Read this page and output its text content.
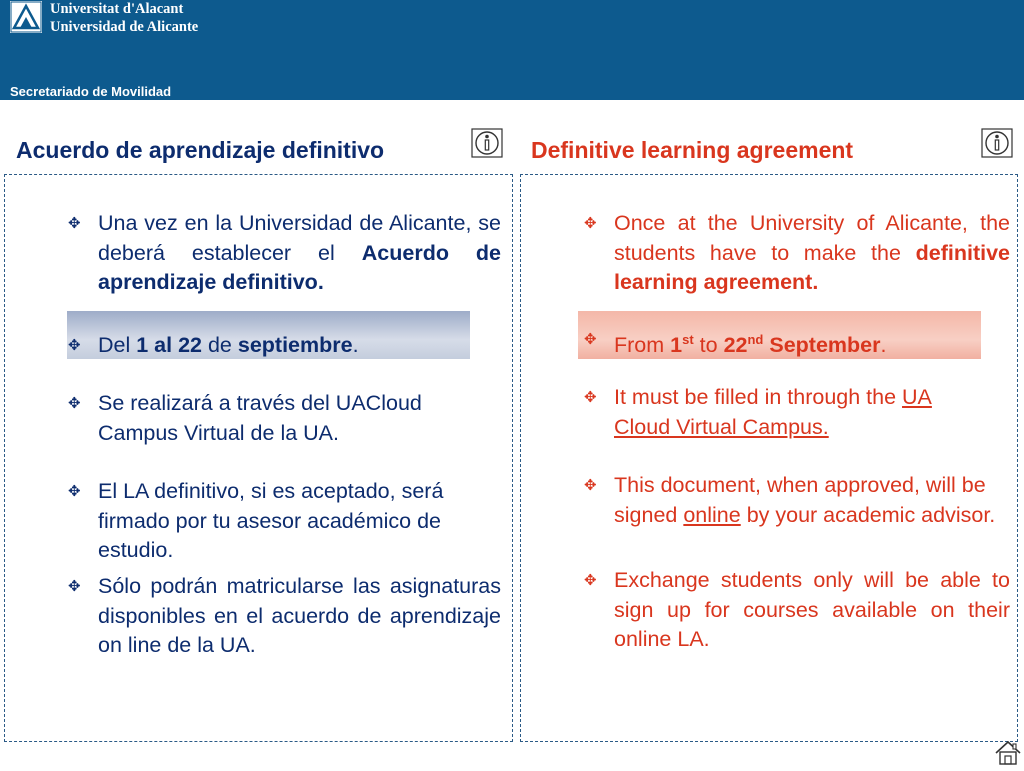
Universitat d'Alacant
Universidad de Alicante
Secretariado de Movilidad
Acuerdo de aprendizaje definitivo	Definitive learning agreement
✥ Una vez en la Universidad de Alicante, se deberá establecer el Acuerdo de aprendizaje definitivo.
✥ Del 1 al 22 de septiembre.
✥ Se realizará a través del UACloud Campus Virtual de la UA.
✥ El LA definitivo, si es aceptado, será firmado por tu asesor académico de estudio.
✥ Sólo podrán matricularse las asignaturas disponibles en el acuerdo de aprendizaje on line de la UA.
✥ Once at the University of Alicante, the students have to make the definitive learning agreement.
✥ From 1st to 22nd September.
✥ It must be filled in through the UA Cloud Virtual Campus.
✥ This document, when approved, will be signed online by your academic advisor.
✥ Exchange students only will be able to sign up for courses available on their online LA.
